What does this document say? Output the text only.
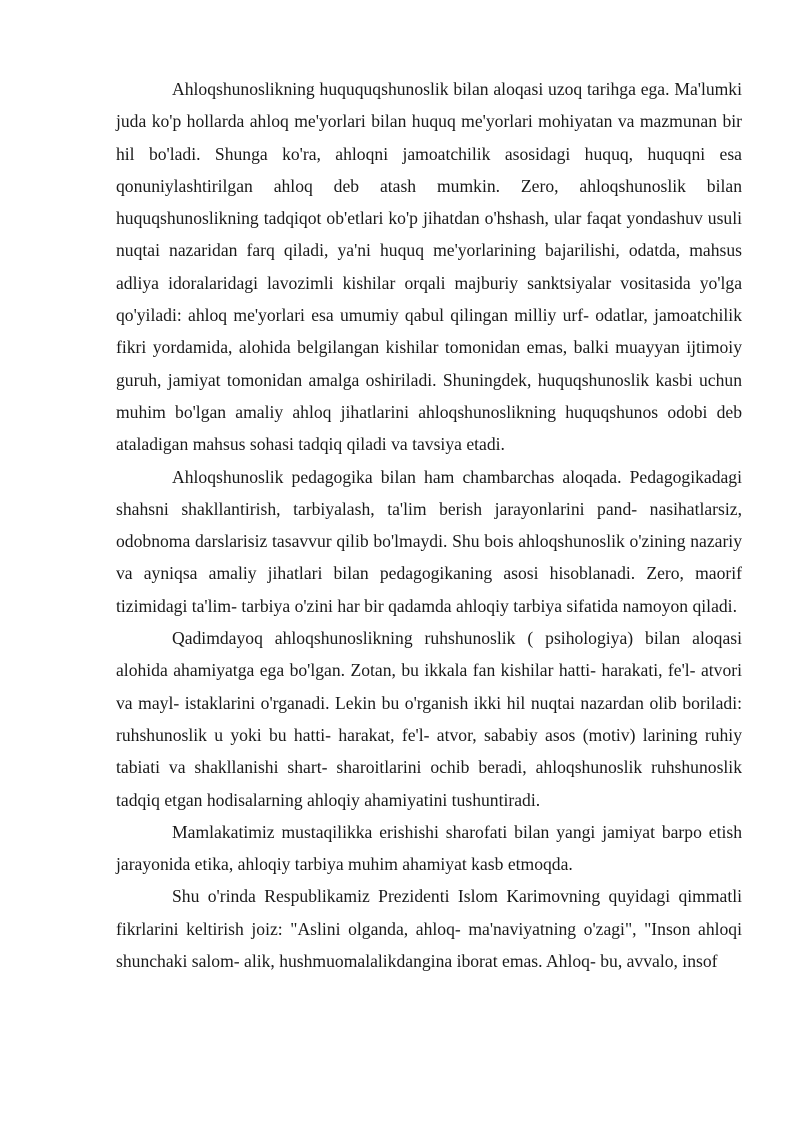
Ahloqshunoslikning huququqshunoslik bilan aloqasi uzoq tarihga ega. Ma'lumki juda ko'p hollarda ahloq me'yorlari bilan huquq me'yorlari mohiyatan va mazmunan bir hil bo'ladi. Shunga ko'ra, ahloqni jamoatchilik asosidagi huquq, huquqni esa qonuniylashtirilgan ahloq deb atash mumkin. Zero, ahloqshunoslik bilan huquqshunoslikning tadqiqot ob'etlari ko'p jihatdan o'hshash, ular faqat yondashuv usuli nuqtai nazaridan farq qiladi, ya'ni huquq me'yorlarining bajarilishi, odatda, mahsus adliya idoralaridagi lavozimli kishilar orqali majburiy sanktsiyalar vositasida yo'lga qo'yiladi: ahloq me'yorlari esa umumiy qabul qilingan milliy urf- odatlar, jamoatchilik fikri yordamida, alohida belgilangan kishilar tomonidan emas, balki muayyan ijtimoiy guruh, jamiyat tomonidan amalga oshiriladi. Shuningdek, huquqshunoslik kasbi uchun muhim bo'lgan amaliy ahloq jihatlarini ahloqshunoslikning huquqshunos odobi deb ataladigan mahsus sohasi tadqiq qiladi va tavsiya etadi.

Ahloqshunoslik pedagogika bilan ham chambarchas aloqada. Pedagogikadagi shahsni shakllantirish, tarbiyalash, ta'lim berish jarayonlarini pand- nasihatlarsiz, odobnoma darslarisiz tasavvur qilib bo'lmaydi. Shu bois ahloqshunoslik o'zining nazariy va ayniqsa amaliy jihatlari bilan pedagogikaning asosi hisoblanadi. Zero, maorif tizimidagi ta'lim- tarbiya o'zini har bir qadamda ahloqiy tarbiya sifatida namoyon qiladi.

Qadimdayoq ahloqshunoslikning ruhshunoslik ( psihologiya) bilan aloqasi alohida ahamiyatga ega bo'lgan. Zotan, bu ikkala fan kishilar hatti- harakati, fe'l- atvori va mayl- istaklarini o'rganadi. Lekin bu o'rganish ikki hil nuqtai nazardan olib boriladi: ruhshunoslik u yoki bu hatti- harakat, fe'l- atvor, sababiy asos (motiv) larining ruhiy tabiati va shakllanishi shart- sharoitlarini ochib beradi, ahloqshunoslik ruhshunoslik tadqiq etgan hodisalarning ahloqiy ahamiyatini tushuntiradi.

Mamlakatimiz mustaqilikka erishishi sharofati bilan yangi jamiyat barpo etish jarayonida etika, ahloqiy tarbiya muhim ahamiyat kasb etmoqda.

Shu o'rinda Respublikamiz Prezidenti Islom Karimovning quyidagi qimmatli fikrlarini keltirish joiz: "Aslini olganda, ahloq- ma'naviyatning o'zagi", "Inson ahloqi shunchaki salom- alik, hushmuomalalikdangina iborat emas. Ahloq- bu, avvalo, insof
